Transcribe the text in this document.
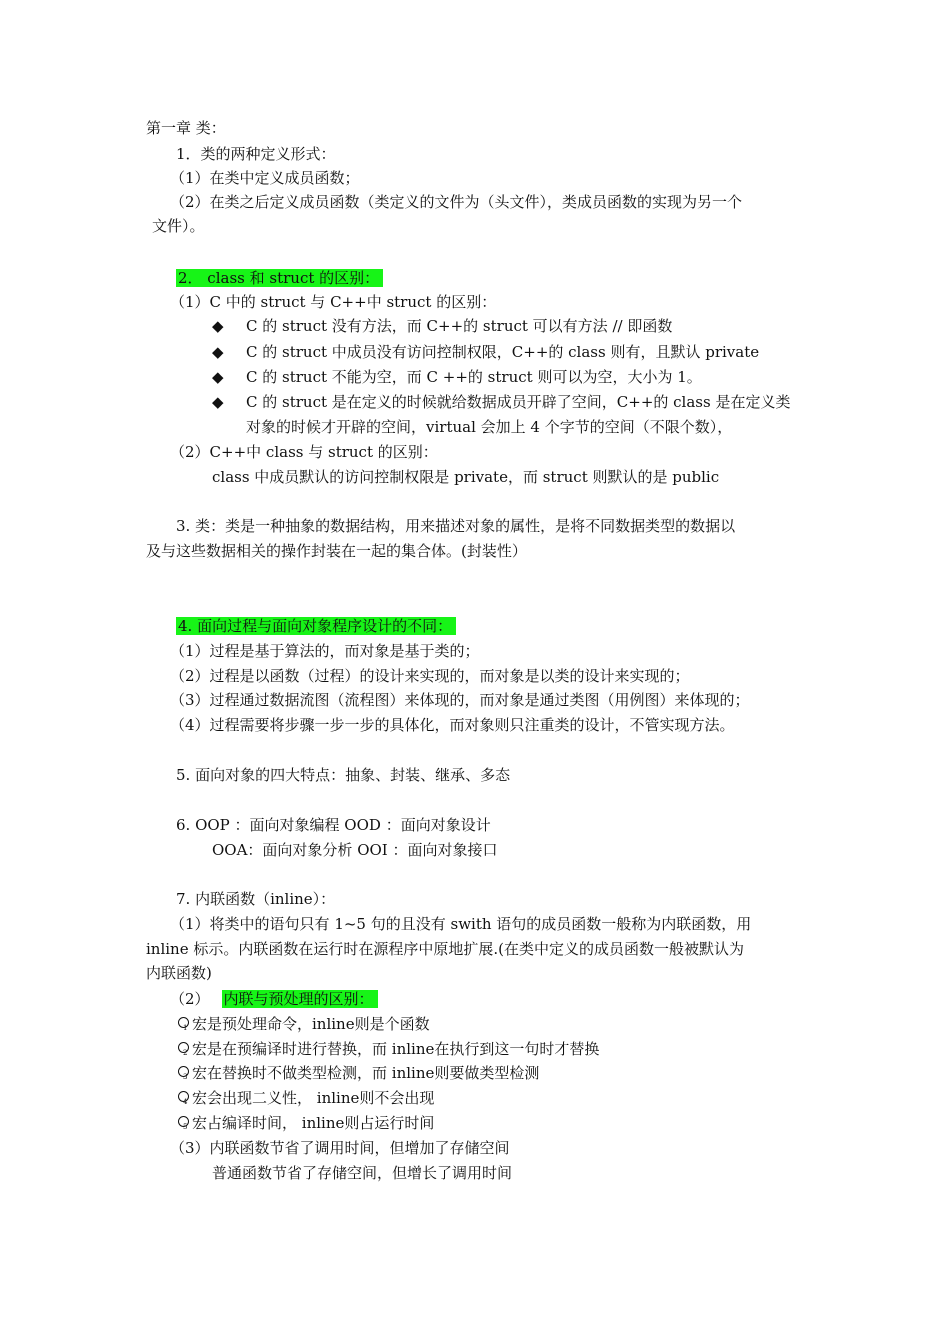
第一章 类：
1．类的两种定义形式：
（1）在类中定义成员函数；
（2）在类之后定义成员函数（类定义的文件为（头文件），类成员函数的实现为另一个
文件）。
2． class 和 struct 的区别：
（1）C 中的 struct 与 C++中 struct 的区别：
◆ C 的 struct 没有方法，而 C++的 struct 可以有方法 // 即函数
◆ C 的 struct 中成员没有访问控制权限，C++的 class 则有，且默认 private
◆ C 的 struct 不能为空，而 C ++的 struct 则可以为空，大小为 1。
◆ C 的 struct 是在定义的时候就给数据成员开辟了空间，C++的 class 是在定义类
对象的时候才开辟的空间，virtual 会加上 4 个字节的空间（不限个数），
（2）C++中 class 与 struct 的区别：
class 中成员默认的访问控制权限是 private，而 struct 则默认的是 public
3. 类：类是一种抽象的数据结构，用来描述对象的属性，是将不同数据类型的数据以
及与这些数据相关的操作封装在一起的集合体。(封装性）
4. 面向过程与面向对象程序设计的不同：
（1）过程是基于算法的，而对象是基于类的；
（2）过程是以函数（过程）的设计来实现的，而对象是以类的设计来实现的；
（3）过程通过数据流图（流程图）来体现的，而对象是通过类图（用例图）来体现的；
（4）过程需要将步骤一步一步的具体化，而对象则只注重类的设计，不管实现方法。
5. 面向对象的四大特点：抽象、封装、继承、多态
6. OOP ：面向对象编程 OOD ：面向对象设计
OOA：面向对象分析 OOI ：面向对象接口
7. 内联函数（inline）：
（1）将类中的语句只有 1~5 句的且没有 swith 语句的成员函数一般称为内联函数，用
inline 标示。内联函数在运行时在源程序中原地扩展.(在类中定义的成员函数一般被默认为
内联函数)
（2） 内联与预处理的区别：
1 宏是预处理命令，inline则是个函数
2 宏是在预编译时进行替换，而 inline在执行到这一句时才替换
3 宏在替换时不做类型检测，而 inline则要做类型检测
4 宏会出现二义性， inline则不会出现
5 宏占编译时间， inline则占运行时间
（3）内联函数节省了调用时间，但增加了存储空间
普通函数节省了存储空间，但增长了调用时间
